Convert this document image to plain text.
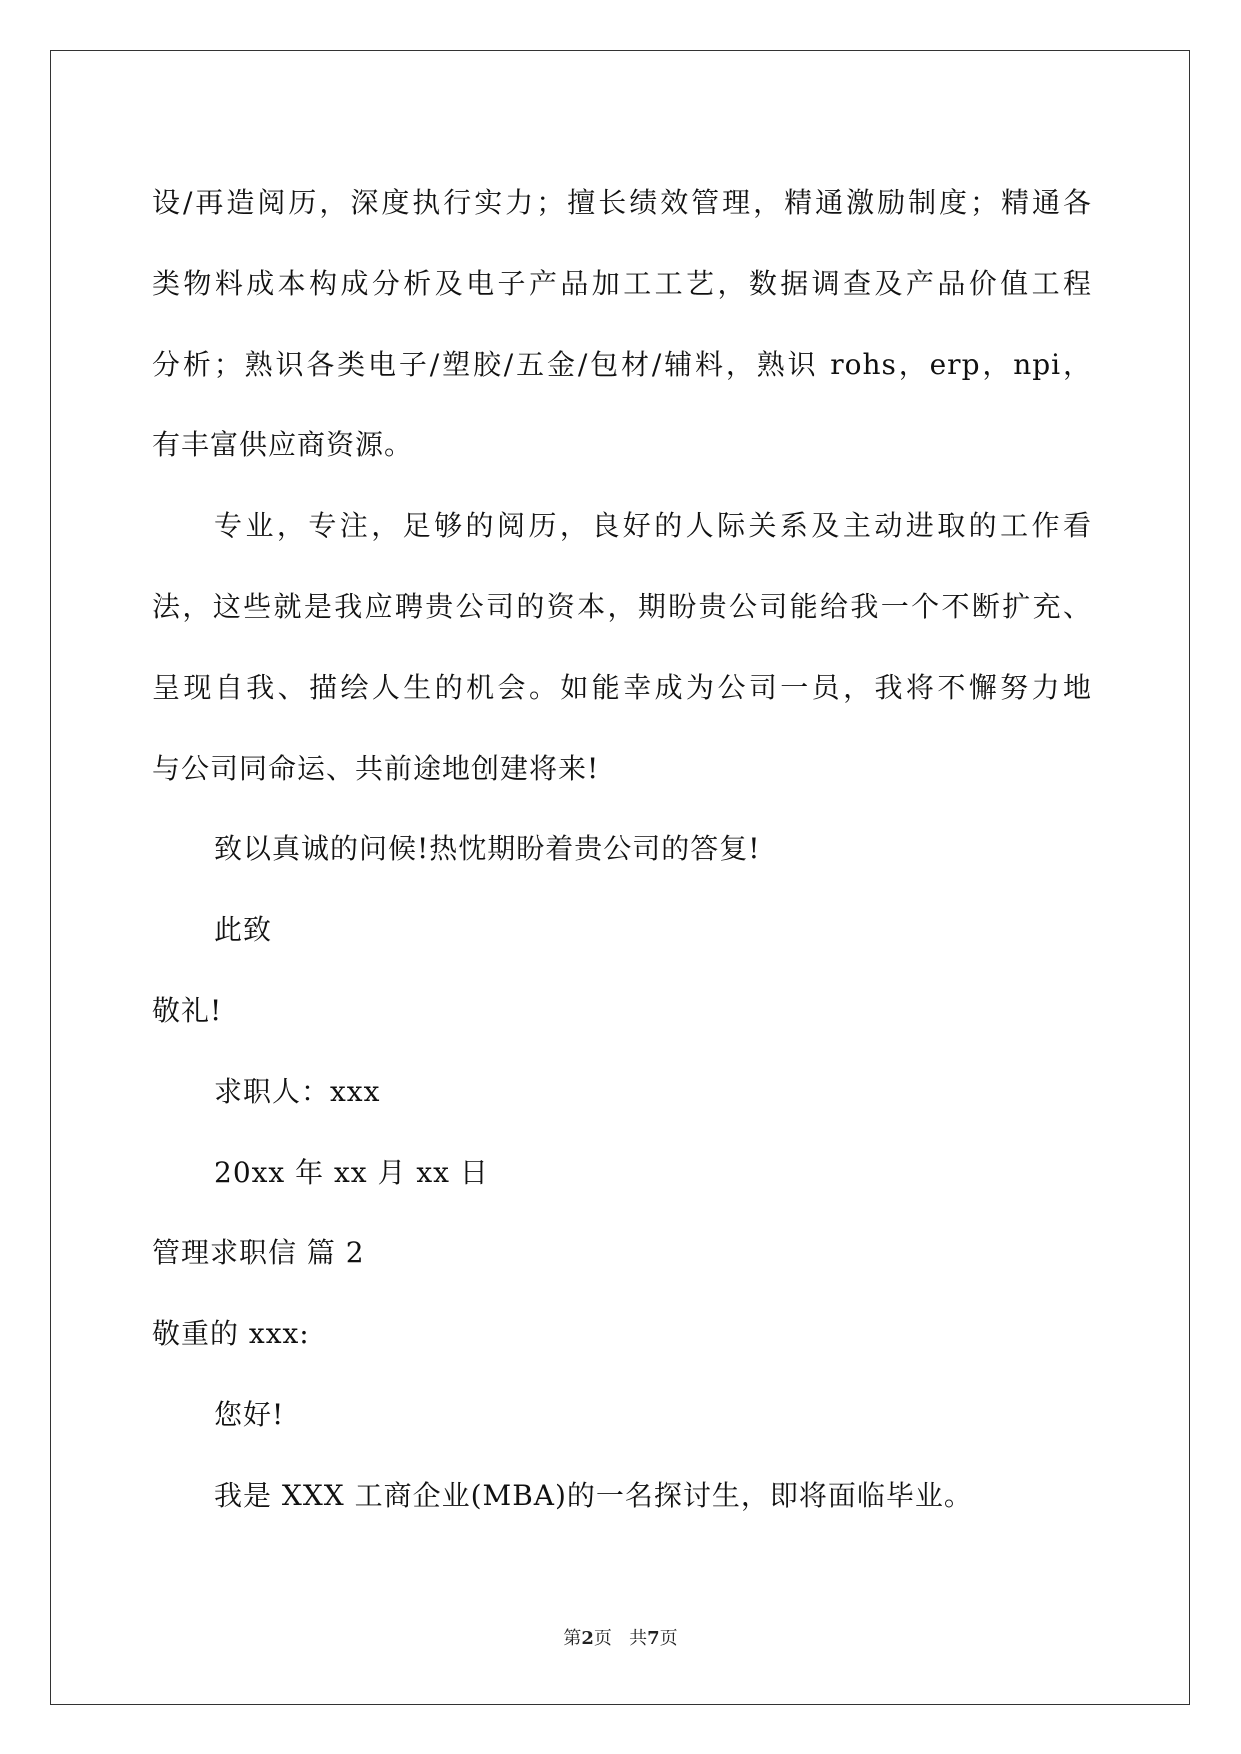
设/再造阅历，深度执行实力；擅长绩效管理，精通激励制度；精通各
类物料成本构成分析及电子产品加工工艺，数据调查及产品价值工程
分析；熟识各类电子/塑胶/五金/包材/辅料，熟识 rohs，erp，npi，
有丰富供应商资源。
专业，专注，足够的阅历，良好的人际关系及主动进取的工作看
法，这些就是我应聘贵公司的资本，期盼贵公司能给我一个不断扩充、
呈现自我、描绘人生的机会。如能幸成为公司一员，我将不懈努力地
与公司同命运、共前途地创建将来!
致以真诚的问候!热忱期盼着贵公司的答复!
此致
敬礼!
求职人：xxx
20xx 年 xx 月 xx 日
管理求职信 篇 2
敬重的 xxx:
您好!
我是 XXX 工商企业(MBA)的一名探讨生，即将面临毕业。
第2页   共7页
